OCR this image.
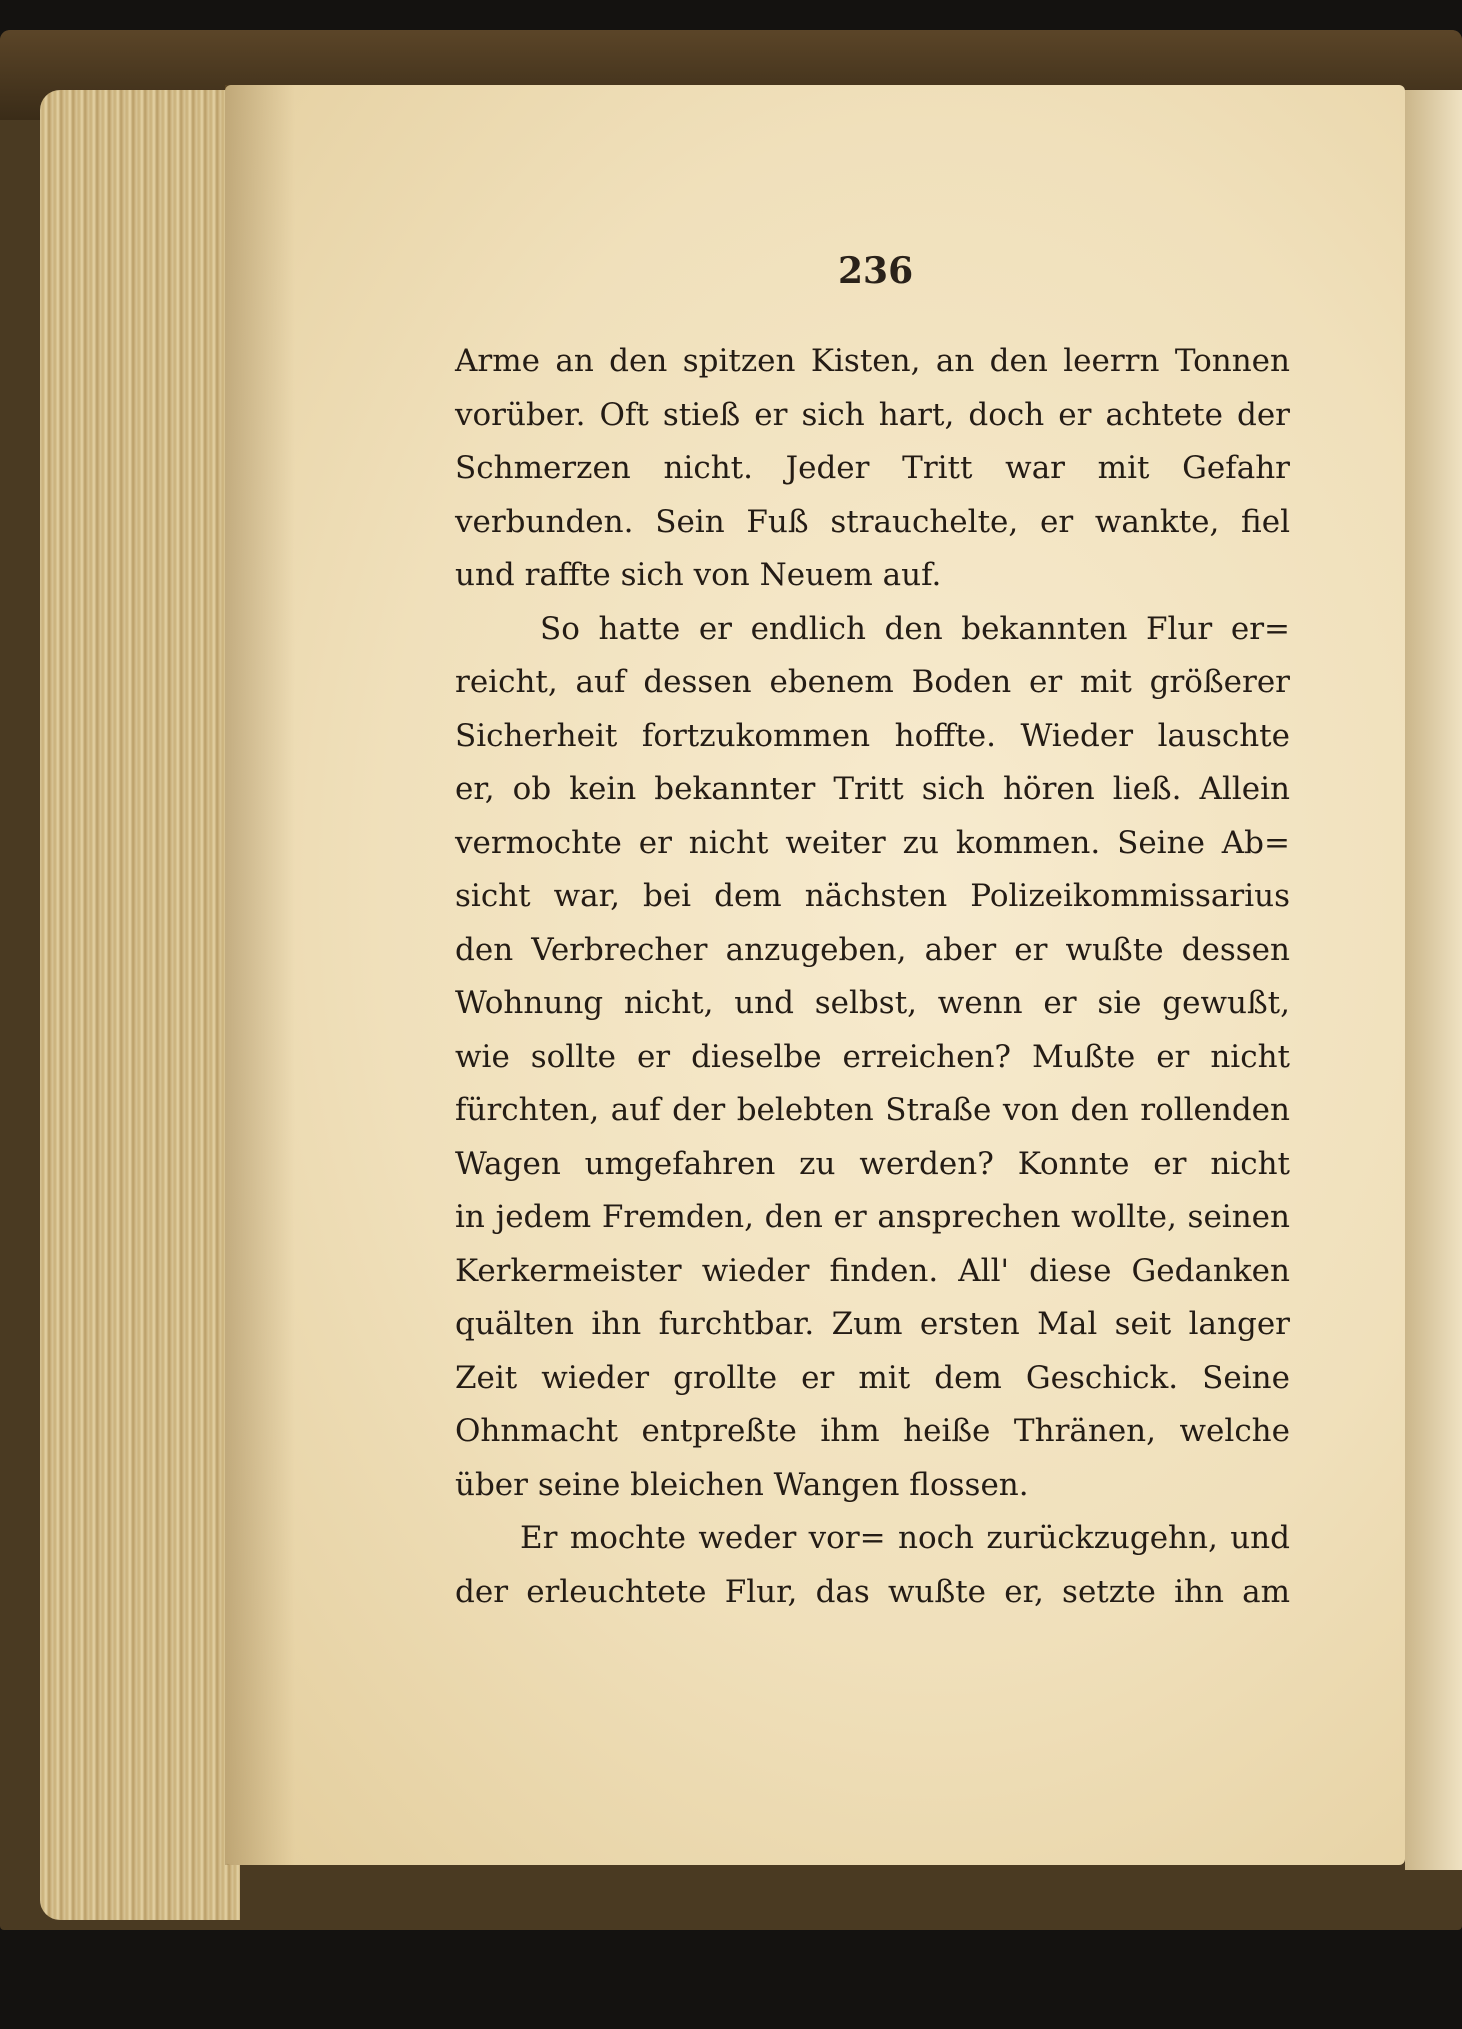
236
Arme an den spitzen Kisten, an den leerrn Tonnen
vorüber. Oft stieß er sich hart, doch er achtete der
Schmerzen nicht. Jeder Tritt war mit Gefahr
verbunden. Sein Fuß strauchelte, er wankte, fiel
und raffte sich von Neuem auf.
So hatte er endlich den bekannten Flur er=
reicht, auf dessen ebenem Boden er mit größerer
Sicherheit fortzukommen hoffte. Wieder lauschte
er, ob kein bekannter Tritt sich hören ließ. Allein
vermochte er nicht weiter zu kommen. Seine Ab=
sicht war, bei dem nächsten Polizeikommissarius
den Verbrecher anzugeben, aber er wußte dessen
Wohnung nicht, und selbst, wenn er sie gewußt,
wie sollte er dieselbe erreichen? Mußte er nicht
fürchten, auf der belebten Straße von den rollenden
Wagen umgefahren zu werden? Konnte er nicht
in jedem Fremden, den er ansprechen wollte, seinen
Kerkermeister wieder finden. All' diese Gedanken
quälten ihn furchtbar. Zum ersten Mal seit langer
Zeit wieder grollte er mit dem Geschick. Seine
Ohnmacht entpreßte ihm heiße Thränen, welche
über seine bleichen Wangen flossen.
Er mochte weder vor= noch zurückzugehn, und
der erleuchtete Flur, das wußte er, setzte ihn am
